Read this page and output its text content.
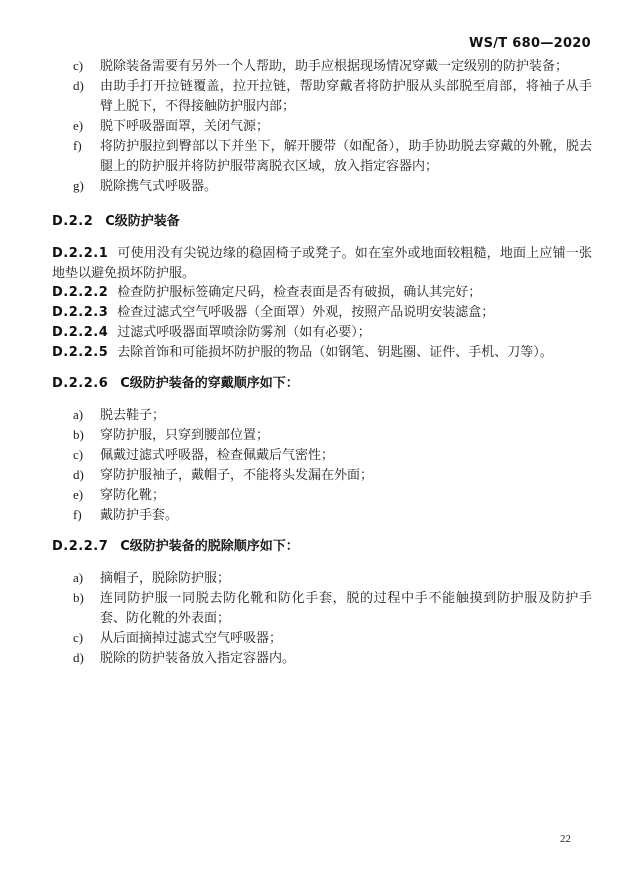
WS/T 680—2020
c)	脱除装备需要有另外一个人帮助，助手应根据现场情况穿戴一定级别的防护装备；
d)	由助手打开拉链覆盖，拉开拉链，帮助穿戴者将防护服从头部脱至肩部，将袖子从手臂上脱下，不得接触防护服内部；
e)	脱下呼吸器面罩，关闭气源；
f)	将防护服拉到臀部以下并坐下，解开腰带（如配备），助手协助脱去穿戴的外靴，脱去腿上的防护服并将防护服带离脱衣区域，放入指定容器内；
g)	脱除携气式呼吸器。
D.2.2 C级防护装备

D.2.2.1 可使用没有尖锐边缘的稳固椅子或凳子。如在室外或地面较粗糙，地面上应铺一张地垫以避免损坏防护服。

D.2.2.2 检查防护服标签确定尺码，检查表面是否有破损，确认其完好；

D.2.2.3 检查过滤式空气呼吸器（全面罩）外观，按照产品说明安装滤盒；

D.2.2.4 过滤式呼吸器面罩喷涂防雾剂（如有必要）；

D.2.2.5 去除首饰和可能损坏防护服的物品（如钢笔、钥匙圈、证件、手机、刀等）。

D.2.2.6 C级防护装备的穿戴顺序如下：
a)	脱去鞋子；
b)	穿防护服，只穿到腰部位置；
c)	佩戴过滤式呼吸器，检查佩戴后气密性；
d)	穿防护服袖子，戴帽子，不能将头发漏在外面；
e)	穿防化靴；
f)	戴防护手套。
D.2.2.7 C级防护装备的脱除顺序如下：
a)	摘帽子，脱除防护服；
b)	连同防护服一同脱去防化靴和防化手套，脱的过程中手不能触摸到防护服及防护手套、防化靴的外表面；
c)	从后面摘掉过滤式空气呼吸器；
d)	脱除的防护装备放入指定容器内。
22
